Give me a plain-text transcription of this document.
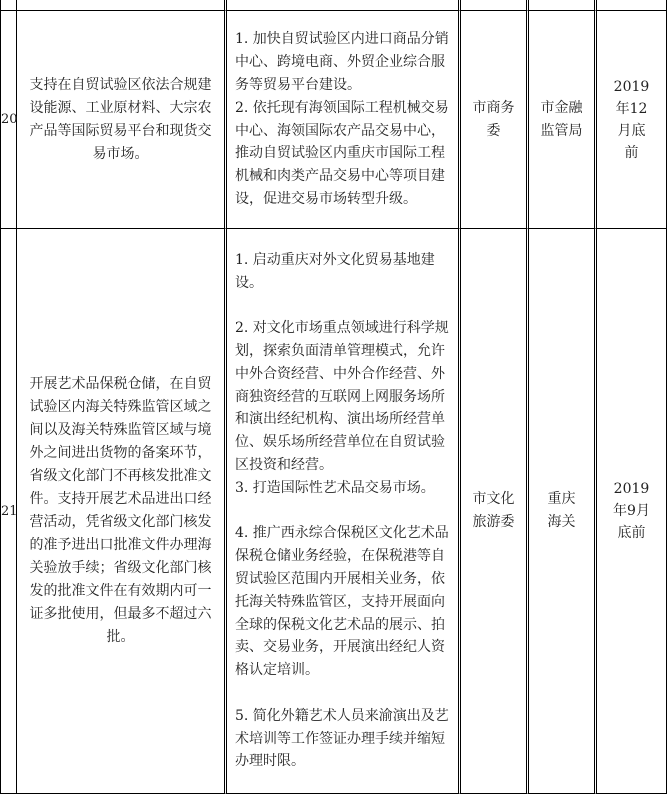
20	支持在自贸试验区依法合规建设能源、工业原材料、大宗农产品等国际贸易平台和现货交易市场。	1. 加快自贸试验区内进口商品分销中心、跨境电商、外贸企业综合服务等贸易平台建设。
2. 依托现有海领国际工程机械交易中心、海领国际农产品交易中心，推动自贸试验区内重庆市国际工程机械和肉类产品交易中心等项目建设，促进交易市场转型升级。	市商务委	市金融监管局	2019年12月底前

21	开展艺术品保税仓储，在自贸试验区内海关特殊监管区域之间以及海关特殊监管区域与境外之间进出货物的备案环节，省级文化部门不再核发批准文件。支持开展艺术品进出口经营活动，凭省级文化部门核发的准予进出口批准文件办理海关验放手续；省级文化部门核发的批准文件在有效期内可一证多批使用，但最多不超过六批。	1. 启动重庆对外文化贸易基地建设。

2. 对文化市场重点领域进行科学规划，探索负面清单管理模式，允许中外合资经营、中外合作经营、外商独资经营的互联网上网服务场所和演出经纪机构、演出场所经营单位、娱乐场所经营单位在自贸试验区投资和经营。
3. 打造国际性艺术品交易市场。

4. 推广西永综合保税区文化艺术品保税仓储业务经验，在保税港等自贸试验区范围内开展相关业务，依托海关特殊监管区，支持开展面向全球的保税文化艺术品的展示、拍卖、交易业务，开展演出经纪人资格认定培训。

5. 简化外籍艺术人员来渝演出及艺术培训等工作签证办理手续并缩短办理时限。	市文化旅游委	重庆海关	2019年9月底前
